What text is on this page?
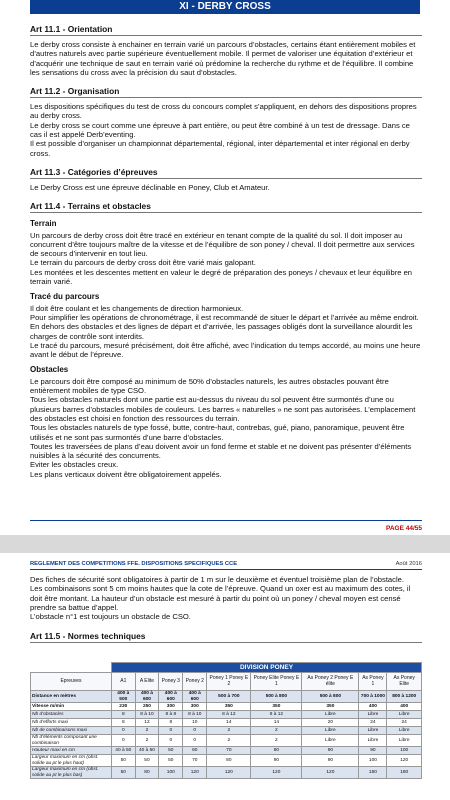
XI - DERBY CROSS
Art 11.1 - Orientation

Le derby cross consiste à enchainer en terrain varié un parcours d’obstacles, certains étant entièrement mobiles et d’autres naturels avec partie supérieure éventuellement mobile. Il permet de valoriser une équitation d’extérieur et d’acquérir une technique de saut en terrain varié où prédomine la recherche du rythme et de l’équilibre. Il combine les sensations du cross avec la précision du saut d’obstacles.

Art 11.2 - Organisation

Les dispositions spécifiques du test de cross du concours complet s’appliquent, en dehors des dispositions propres au derby cross.

Le derby cross se court comme une épreuve à part entière, ou peut être combiné à un test de dressage. Dans ce cas il est appelé Derb’eventing.

Il est possible d’organiser un championnat départemental, régional, inter départemental et inter régional en derby cross.

Art 11.3 - Catégories d’épreuves

Le Derby Cross est une épreuve déclinable en Poney, Club et Amateur.

Art 11.4 - Terrains et obstacles
Terrain

Un parcours de derby cross doit être tracé en extérieur en tenant compte de la qualité du sol. Il doit imposer au concurrent d’être toujours maître de la vitesse et de l’équilibre de son poney / cheval. Il doit permettre aux services de secours d’intervenir en tout lieu.

Le terrain du parcours de derby cross doit être varié mais galopant.

Les montées et les descentes mettent en valeur le degré de préparation des poneys / chevaux et leur équilibre en terrain varié.

Tracé du parcours

Il doit être coulant et les changements de direction harmonieux.

Pour simplifier les opérations de chronométrage, il est recommandé de situer le départ et l’arrivée au même endroit.

En dehors des obstacles et des lignes de départ et d’arrivée, les passages obligés dont la surveillance alourdit les charges de contrôle sont interdits.

Le tracé du parcours, mesuré précisément, doit être affiché, avec l’indication du temps accordé, au moins une heure avant le début de l’épreuve.

Obstacles

Le parcours doit être composé au minimum de 50% d’obstacles naturels, les autres obstacles pouvant être entièrement mobiles de type CSO.

Tous les obstacles naturels dont une partie est au-dessus du niveau du sol peuvent être surmontés d’une ou plusieurs barres d’obstacles mobiles de couleurs. Les barres « naturelles » ne sont pas autorisées. L’emplacement des obstacles est choisi en fonction des ressources du terrain.

Tous les obstacles naturels de type fossé, butte, contre-haut, contrebas, gué, piano, panoramique, peuvent être utilisés et ne sont pas surmontés d’une barre d’obstacles.

Toutes les traversées de plans d’eau doivent avoir un fond ferme et stable et ne doivent pas présenter d’éléments nuisibles à la sécurité des concurrents.

Eviter les obstacles creux.

Les plans verticaux doivent être obligatoirement appelés.

PAGE 44/55
REGLEMENT DES COMPETITIONS FFE. DISPOSITIONS SPECIFIQUES CCE	Août 2016

Des fiches de sécurité sont obligatoires à partir de 1 m sur le deuxième et éventuel troisième plan de l’obstacle.

Les combinaisons sont 5 cm moins hautes que la cote de l’épreuve. Quand un oxer est au maximum des cotes, il doit être montant. La hauteur d’un obstacle est mesuré à partir du point où un poney / cheval moyen est censé prendre sa battue d’appel.

L’obstacle n°1 est toujours un obstacle de CSO.

Art 11.5 - Normes techniques
	DIVISION PONEY								
Epreuves	A1	A Elite	Poney 3	Poney 2	Poney 1 Poney E 2	Poney Elite Poney E 1	As Poney 2 Poney E élite	As Poney 1	As Poney Elite
Distance en mètres	400 à 500	400 à 600	400 à 600	400 à 600	500 à 700	500 à 800	500 à 800	700 à 1000	800 à 1200
Vitesse m/min	230	250	300	300	350	350	350	400	400
Nb d’obstacles	8	8 à 10	8 à 8	8 à 10	8 à 12	8 à 12	Libre	Libre	Libre
Nb d’efforts maxi	8	12	8	10	14	14	20	24	24
Nb de combinaisons maxi	0	2	0	0	2	2	Libre	Libre	Libre
Nb d’éléments composant une combinaison	0	2	0	0	2	2	Libre	Libre	Libre
Hauteur maxi en cm	40 à 50	40 à 50	50	60	70	80	90	90	100
Largeur maximum en cm (obst. solide au pt le plus haut)	50	50	50	70	80	90	90	100	120
Largeur maximum en cm (obst. solide au pt le plus bas)	50	80	100	120	120	120	120	150	180
